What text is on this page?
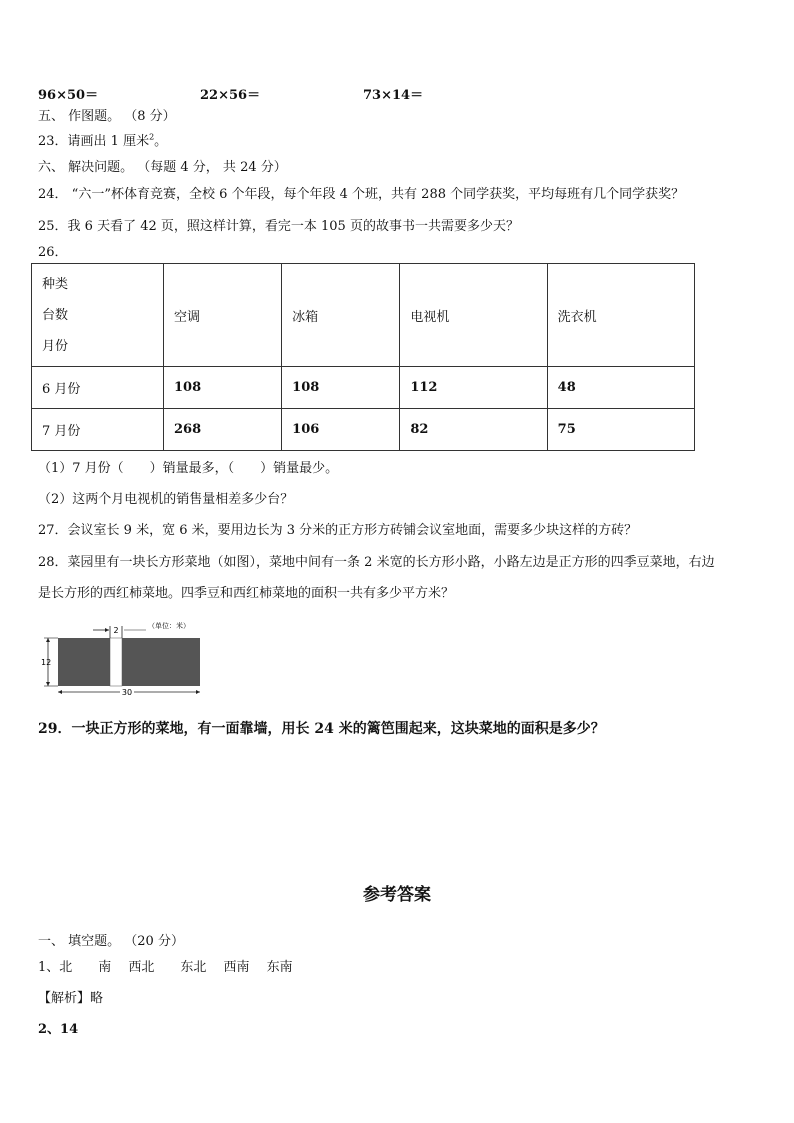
96×50＝	22×56＝	73×14＝
五、 作图题。 （8 分）
23．请画出 1 厘米$^2$。
六、 解决问题。 （每题 4 分， 共 24 分）
24． “六一”杯体育竞赛，全校 6 个年段，每个年段 4 个班，共有 288 个同学获奖，平均每班有几个同学获奖？
25．我 6 天看了 42 页，照这样计算，看完一本 105 页的故事书一共需要多少天？
26．
种类
台数
月份	空调	冰箱	电视机	洗衣机
6 月份	108	108	112	48
7 月份	268	106	82	75
（1）7 月份（　　）销量最多，（　　）销量最少。
（2）这两个月电视机的销售量相差多少台？
27．会议室长 9 米，宽 6 米，要用边长为 3 分米的正方形方砖铺会议室地面，需要多少块这样的方砖？
28．菜园里有一块长方形菜地（如图），菜地中间有一条 2 米宽的长方形小路，小路左边是正方形的四季豆菜地，右边
是长方形的西红柿菜地。四季豆和西红柿菜地的面积一共有多少平方米？
2	（单位：米）
12
30
29．一块正方形的菜地，有一面靠墙，用长 24 米的篱笆围起来，这块菜地的面积是多少？
参考答案
一、 填空题。 （20 分）
1、北　　南　 西北　　东北　 西南　 东南
【解析】略
2、14
